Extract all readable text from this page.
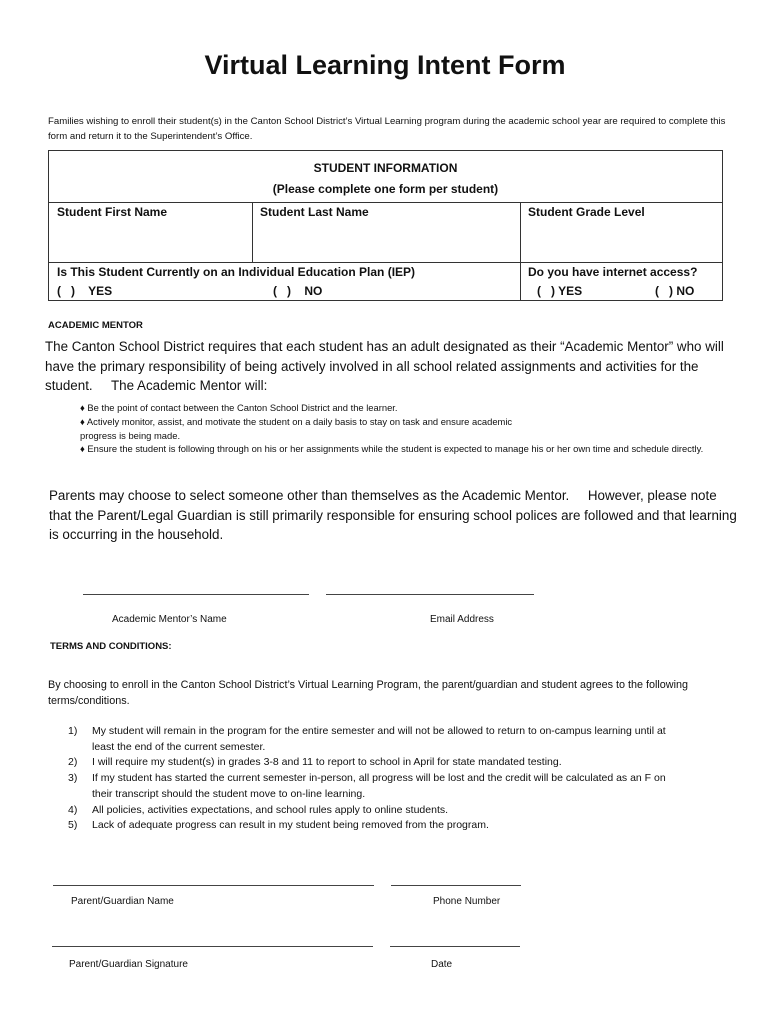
Virtual Learning Intent Form
Families wishing to enroll their student(s) in the Canton School District’s Virtual Learning program during the academic school year are required to complete this form and return it to the Superintendent’s Office.
STUDENT INFORMATION
(Please complete one form per student)
Student First Name	Student Last Name	Student Grade Level
Is This Student Currently on an Individual Education Plan (IEP)
(   )    YES	(   )    NO
Do you have internet access?
(   ) YES	(   ) NO
ACADEMIC MENTOR
The Canton School District requires that each student has an adult designated as their “Academic Mentor” who will have the primary responsibility of being actively involved in all school related assignments and activities for the student.     The Academic Mentor will:
♦ Be the point of contact between the Canton School District and the learner.
♦ Actively monitor, assist, and motivate the student on a daily basis to stay on task and ensure academic progress is being made.
♦ Ensure the student is following through on his or her assignments while the student is expected to manage his or her own time and schedule directly.
Parents may choose to select someone other than themselves as the Academic Mentor.     However, please note that the Parent/Legal Guardian is still primarily responsible for ensuring school polices are followed and that learning is occurring in the household.
Academic Mentor’s Name	Email Address
TERMS AND CONDITIONS:
By choosing to enroll in the Canton School District’s Virtual Learning Program, the parent/guardian and student agrees to the following terms/conditions.
1)	My student will remain in the program for the entire semester and will not be allowed to return to on-campus learning until at least the end of the current semester.
2)	I will require my student(s) in grades 3-8 and 11 to report to school in April for state mandated testing.
3)	If my student has started the current semester in-person, all progress will be lost and the credit will be calculated as an F on their transcript should the student move to on-line learning.
4)	All policies, activities expectations, and school rules apply to online students.
5)	Lack of adequate progress can result in my student being removed from the program.
Parent/Guardian Name	Phone Number
Parent/Guardian Signature	Date
